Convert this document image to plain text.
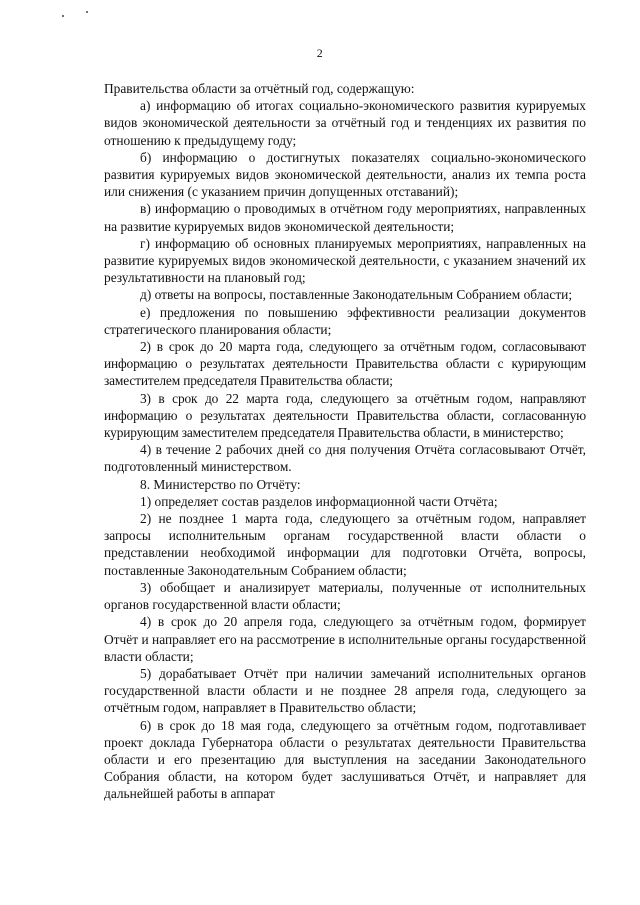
2

Правительства области за отчётный год, содержащую:

а) информацию об итогах социально-экономического развития курируемых видов экономической деятельности за отчётный год и тенденциях их развития по отношению к предыдущему году;

б) информацию о достигнутых показателях социально-экономического развития курируемых видов экономической деятельности, анализ их темпа роста или снижения (с указанием причин допущенных отставаний);

в) информацию о проводимых в отчётном году мероприятиях, направленных на развитие курируемых видов экономической деятельности;

г) информацию об основных планируемых мероприятиях, направленных на развитие курируемых видов экономической деятельности, с указанием значений их результативности на плановый год;

д) ответы на вопросы, поставленные Законодательным Собранием области;

е) предложения по повышению эффективности реализации документов стратегического планирования области;

2) в срок до 20 марта года, следующего за отчётным годом, согласовывают информацию о результатах деятельности Правительства области с курирующим заместителем председателя Правительства области;

3) в срок до 22 марта года, следующего за отчётным годом, направляют информацию о результатах деятельности Правительства области, согласованную курирующим заместителем председателя Правительства области, в министерство;

4) в течение 2 рабочих дней со дня получения Отчёта согласовывают Отчёт, подготовленный министерством.

8. Министерство по Отчёту:

1) определяет состав разделов информационной части Отчёта;

2) не позднее 1 марта года, следующего за отчётным годом, направляет запросы исполнительным органам государственной власти области о представлении необходимой информации для подготовки Отчёта, вопросы, поставленные Законодательным Собранием области;

3) обобщает и анализирует материалы, полученные от исполнительных органов государственной власти области;

4) в срок до 20 апреля года, следующего за отчётным годом, формирует Отчёт и направляет его на рассмотрение в исполнительные органы государственной власти области;

5) дорабатывает Отчёт при наличии замечаний исполнительных органов государственной власти области и не позднее 28 апреля года, следующего за отчётным годом, направляет в Правительство области;

6) в срок до 18 мая года, следующего за отчётным годом, подготавливает проект доклада Губернатора области о результатах деятельности Правительства области и его презентацию для выступления на заседании Законодательного Собрания области, на котором будет заслушиваться Отчёт, и направляет для дальнейшей работы в аппарат
